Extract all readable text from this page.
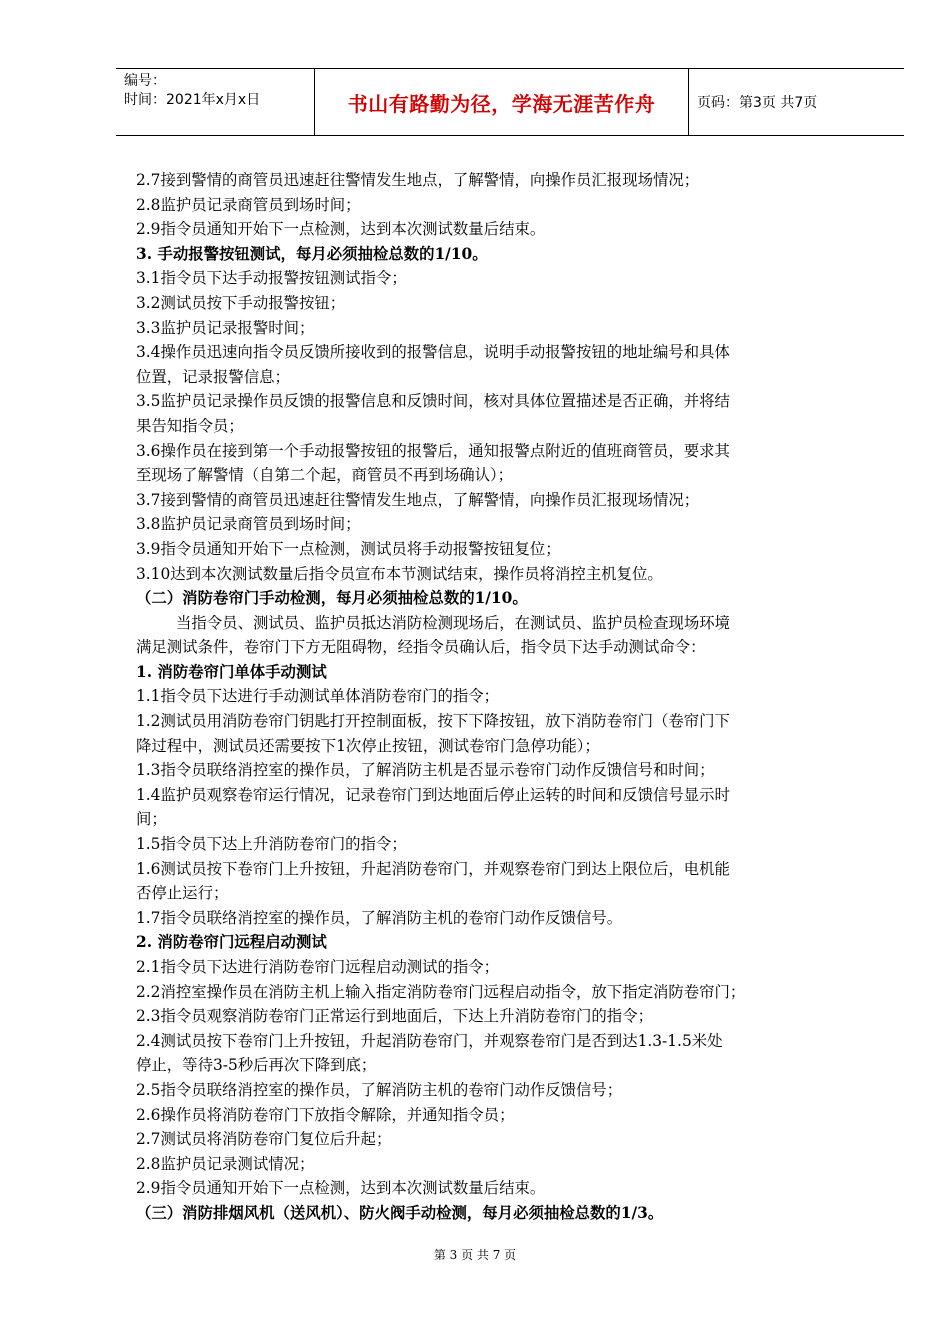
编号：
时间：2021年x月x日	书山有路勤为径，学海无涯苦作舟	页码：第3页 共7页
2.7接到警情的商管员迅速赶往警情发生地点，了解警情，向操作员汇报现场情况；
2.8监护员记录商管员到场时间；
2.9指令员通知开始下一点检测，达到本次测试数量后结束。
3. 手动报警按钮测试，每月必须抽检总数的1/10。
3.1指令员下达手动报警按钮测试指令；
3.2测试员按下手动报警按钮；
3.3监护员记录报警时间；
3.4操作员迅速向指令员反馈所接收到的报警信息，说明手动报警按钮的地址编号和具体
位置，记录报警信息；
3.5监护员记录操作员反馈的报警信息和反馈时间，核对具体位置描述是否正确，并将结
果告知指令员；
3.6操作员在接到第一个手动报警按钮的报警后，通知报警点附近的值班商管员，要求其
至现场了解警情（自第二个起，商管员不再到场确认）；
3.7接到警情的商管员迅速赶往警情发生地点，了解警情，向操作员汇报现场情况；
3.8监护员记录商管员到场时间；
3.9指令员通知开始下一点检测，测试员将手动报警按钮复位；
3.10达到本次测试数量后指令员宣布本节测试结束，操作员将消控主机复位。
（二）消防卷帘门手动检测，每月必须抽检总数的1/10。
当指令员、测试员、监护员抵达消防检测现场后，在测试员、监护员检查现场环境
满足测试条件，卷帘门下方无阻碍物，经指令员确认后，指令员下达手动测试命令：
1. 消防卷帘门单体手动测试
1.1指令员下达进行手动测试单体消防卷帘门的指令；
1.2测试员用消防卷帘门钥匙打开控制面板，按下下降按钮，放下消防卷帘门（卷帘门下
降过程中，测试员还需要按下1次停止按钮，测试卷帘门急停功能）；
1.3指令员联络消控室的操作员，了解消防主机是否显示卷帘门动作反馈信号和时间；
1.4监护员观察卷帘运行情况，记录卷帘门到达地面后停止运转的时间和反馈信号显示时
间；
1.5指令员下达上升消防卷帘门的指令；
1.6测试员按下卷帘门上升按钮，升起消防卷帘门，并观察卷帘门到达上限位后，电机能
否停止运行；
1.7指令员联络消控室的操作员，了解消防主机的卷帘门动作反馈信号。
2. 消防卷帘门远程启动测试
2.1指令员下达进行消防卷帘门远程启动测试的指令；
2.2消控室操作员在消防主机上输入指定消防卷帘门远程启动指令，放下指定消防卷帘门；
2.3指令员观察消防卷帘门正常运行到地面后，下达上升消防卷帘门的指令；
2.4测试员按下卷帘门上升按钮，升起消防卷帘门，并观察卷帘门是否到达1.3-1.5米处
停止，等待3-5秒后再次下降到底；
2.5指令员联络消控室的操作员，了解消防主机的卷帘门动作反馈信号；
2.6操作员将消防卷帘门下放指令解除，并通知指令员；
2.7测试员将消防卷帘门复位后升起；
2.8监护员记录测试情况；
2.9指令员通知开始下一点检测，达到本次测试数量后结束。
（三）消防排烟风机（送风机）、防火阀手动检测，每月必须抽检总数的1/3。
第 3 页 共 7 页
